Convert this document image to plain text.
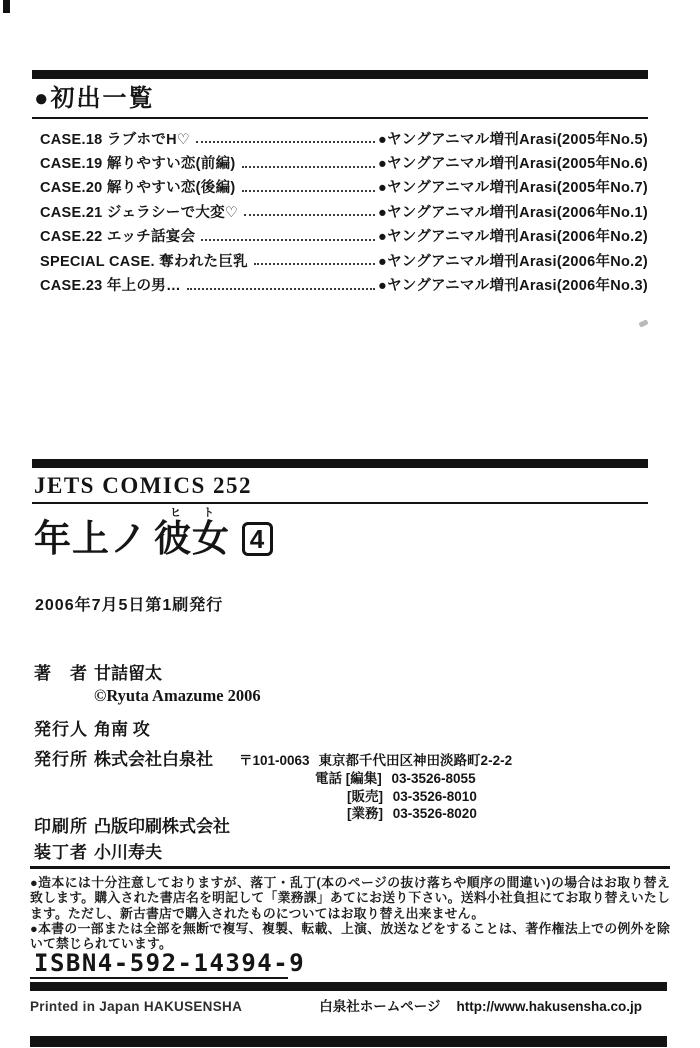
●初出一覧
CASE.18 ラブホでH♡	●ヤングアニマル増刊Arasi(2005年No.5)
CASE.19 解りやすい恋(前編)	●ヤングアニマル増刊Arasi(2005年No.6)
CASE.20 解りやすい恋(後編)	●ヤングアニマル増刊Arasi(2005年No.7)
CASE.21 ジェラシーで大変♡	●ヤングアニマル増刊Arasi(2006年No.1)
CASE.22 エッチ話宴会	●ヤングアニマル増刊Arasi(2006年No.2)
SPECIAL CASE. 奪われた巨乳	●ヤングアニマル増刊Arasi(2006年No.2)
CASE.23 年上の男…	●ヤングアニマル増刊Arasi(2006年No.3)
JETS COMICS 252
年上ノ
ヒト
彼女 4
2006年7月5日第1刷発行
著　者 甘詰留太
©Ryuta Amazume 2006
発行人 角南 攻
発行所 株式会社白泉社 〒101-0063 東京都千代田区神田淡路町2-2-2
電話 [編集] 03-3526-8055
[販売] 03-3526-8010
[業務] 03-3526-8020
印刷所 凸版印刷株式会社
装丁者 小川寿夫

●造本には十分注意しておりますが、落丁・乱丁(本のページの抜け落ちや順序の間違い)の場合はお取り替え致します。購入された書店名を明記して「業務課」あてにお送り下さい。送料小社負担にてお取り替えいたします。ただし、新古書店で購入されたものについてはお取り替え出来ません。

●本書の一部または全部を無断で複写、複製、転載、上演、放送などをすることは、著作権法上での例外を除いて禁じられています。

ISBN4-592-14394-9
Printed in Japan HAKUSENSHA	白泉社ホームページ http://www.hakusensha.co.jp
